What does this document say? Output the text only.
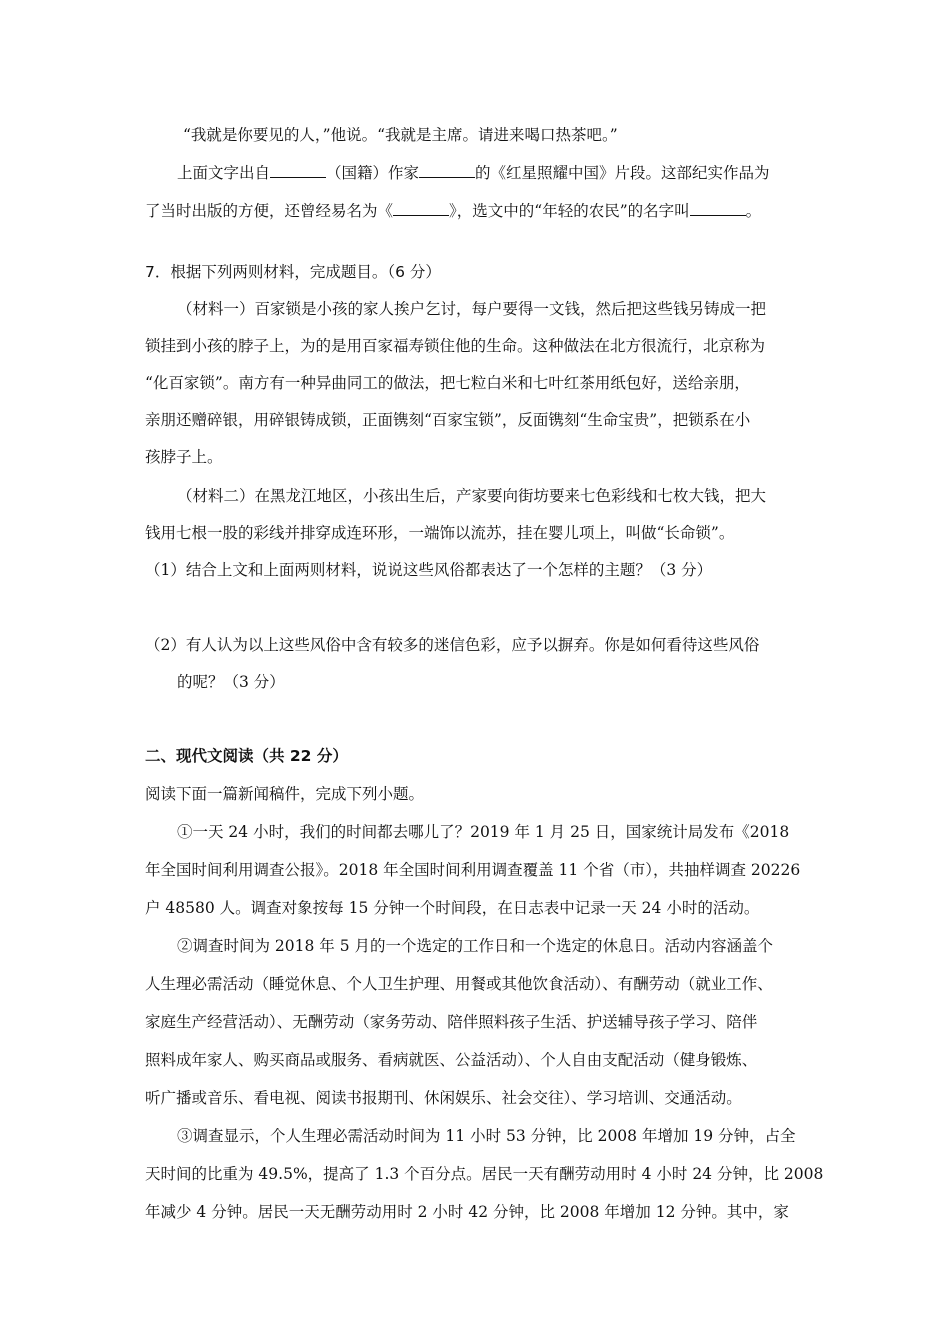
“我就是你要见的人，”他说。“我就是主席。请进来喝口热茶吧。”
上面文字出自	（国籍）作家	的《红星照耀中国》片段。这部纪实作品为
了当时出版的方便，还曾经易名为《	》，选文中的“年轻的农民”的名字叫	。
7．根据下列两则材料，完成题目。（6 分）
（材料一）百家锁是小孩的家人挨户乞讨，每户要得一文钱，然后把这些钱另铸成一把
锁挂到小孩的脖子上，为的是用百家福寿锁住他的生命。这种做法在北方很流行，北京称为
“化百家锁”。南方有一种异曲同工的做法，把七粒白米和七叶红茶用纸包好，送给亲朋，
亲朋还赠碎银，用碎银铸成锁，正面镌刻“百家宝锁”，反面镌刻“生命宝贵”，把锁系在小
孩脖子上。
（材料二）在黑龙江地区，小孩出生后，产家要向街坊要来七色彩线和七枚大钱，把大
钱用七根一股的彩线并排穿成连环形，一端饰以流苏，挂在婴儿项上，叫做“长命锁”。
（1）结合上文和上面两则材料，说说这些风俗都表达了一个怎样的主题？（3 分）
（2）有人认为以上这些风俗中含有较多的迷信色彩，应予以摒弃。你是如何看待这些风俗
的呢？（3 分）
二、现代文阅读（共 22 分）
阅读下面一篇新闻稿件，完成下列小题。
①一天 24 小时，我们的时间都去哪儿了？2019 年 1 月 25 日，国家统计局发布《2018
年全国时间利用调查公报》。2018 年全国时间利用调查覆盖 11 个省（市），共抽样调查 20226
户 48580 人。调查对象按每 15 分钟一个时间段，在日志表中记录一天 24 小时的活动。
②调查时间为 2018 年 5 月的一个选定的工作日和一个选定的休息日。活动内容涵盖个
人生理必需活动（睡觉休息、个人卫生护理、用餐或其他饮食活动）、有酬劳动（就业工作、
家庭生产经营活动）、无酬劳动（家务劳动、陪伴照料孩子生活、护送辅导孩子学习、陪伴
照料成年家人、购买商品或服务、看病就医、公益活动）、个人自由支配活动（健身锻炼、
听广播或音乐、看电视、阅读书报期刊、休闲娱乐、社会交往）、学习培训、交通活动。
③调查显示，个人生理必需活动时间为 11 小时 53 分钟，比 2008 年增加 19 分钟，占全
天时间的比重为 49.5%，提高了 1.3 个百分点。居民一天有酬劳动用时 4 小时 24 分钟，比 2008
年减少 4 分钟。居民一天无酬劳动用时 2 小时 42 分钟，比 2008 年增加 12 分钟。其中，家
